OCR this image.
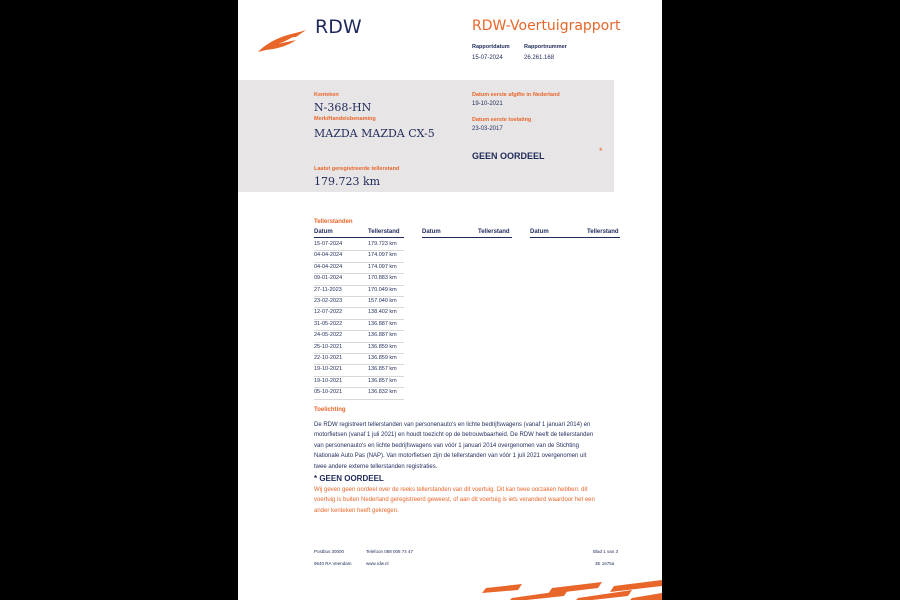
RDW	RDW-Voertuigrapport
Rapportdatum
15-07-2024
Rapportnummer
26.261.168
Kenteken
N-368-HN
Merk/Handelsbenaming
MAZDA MAZDA CX-5
Datum eerste afgifte in Nederland
19-10-2021
Datum eerste toelating
23-03-2017
GEEN OORDEEL	*
Laatst geregistreerde tellerstand
179.723 km
Tellerstanden
Datum	Tellerstand	Datum	Tellerstand	Datum	Tellerstand
15-07-2024	179.723 km
04-04-2024	174.097 km
04-04-2024	174.097 km
09-01-2024	170.883 km
27-11-2023	170.049 km
23-02-2023	157.040 km
12-07-2022	138.402 km
31-05-2022	136.887 km
24-05-2022	136.887 km
25-10-2021	136.859 km
22-10-2021	136.859 km
19-10-2021	136.857 km
19-10-2021	136.857 km
05-10-2021	136.832 km
Toelichting
De RDW registreert tellerstanden van personenauto's en lichte bedrijfswagens (vanaf 1 januari 2014) en
motorfietsen (vanaf 1 juli 2021) en houdt toezicht op de betrouwbaarheid. De RDW heeft de tellerstanden
van personenauto's en lichte bedrijfswagens van vóór 1 januari 2014 overgenomen van de Stichting
Nationale Auto Pas (NAP). Van motorfietsen zijn de tellerstanden van vóór 1 juli 2021 overgenomen uit
twee andere externe tellerstanden registraties.
* GEEN OORDEEL
Wij geven geen oordeel over de reeks tellerstanden van dit voertuig. Dit kan twee oorzaken hebben: dit
voertuig is buiten Nederland geregistreerd geweest, of aan dit voertuig is iets veranderd waardoor het een
ander kenteken heeft gekregen.
Postbus 30000
9640 RA Veendam
Telefoon 088 008 74 47
www.rdw.nl
Blad 1 van 3
3E 1675a
